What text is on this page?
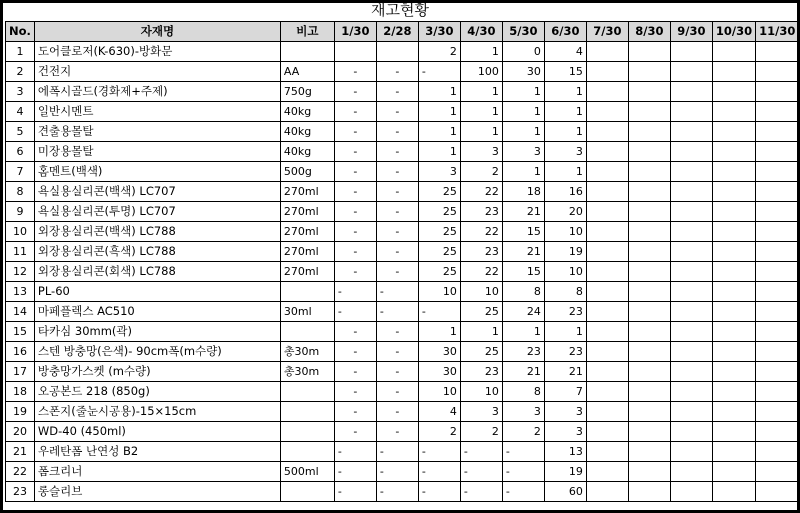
재고현황
No.	자재명	비고	1/30	2/28	3/30	4/30	5/30	6/30	7/30	8/30	9/30	10/30	11/30
1	도어클로저(K-630)-방화문				2	1	0	4					
2	건전지	AA	-	-	-	100	30	15					
3	에폭시골드(경화제+주제)	750g	-	-	1	1	1	1					
4	일반시멘트	40kg	-	-	1	1	1	1					
5	견출용몰탈	40kg	-	-	1	1	1	1					
6	미장용몰탈	40kg	-	-	1	3	3	3					
7	홈멘트(백색)	500g	-	-	3	2	1	1					
8	욕실용실리콘(백색) LC707	270ml	-	-	25	22	18	16					
9	욕실용실리콘(투명) LC707	270ml	-	-	25	23	21	20					
10	외장용실리콘(백색) LC788	270ml	-	-	25	22	15	10					
11	외장용실리콘(흑색) LC788	270ml	-	-	25	23	21	19					
12	외장용실리콘(회색) LC788	270ml	-	-	25	22	15	10					
13	PL-60		-	-	10	10	8	8					
14	마페플렉스 AC510	30ml	-	-	-	25	24	23					
15	타카심 30mm(곽)		-	-	1	1	1	1					
16	스텐 방충망(은색)- 90cm폭(m수량)	총30m	-	-	30	25	23	23					
17	방충망가스켓 (m수량)	총30m	-	-	30	23	21	21					
18	오공본드 218 (850g)		-	-	10	10	8	7					
19	스폰지(줄눈시공용)-15×15cm		-	-	4	3	3	3					
20	WD-40 (450ml)		-	-	2	2	2	3					
21	우레탄폼 난연성 B2		-	-	-	-	-	13					
22	폼크리너	500ml	-	-	-	-	-	19					
23	롱슬리브		-	-	-	-	-	60					
